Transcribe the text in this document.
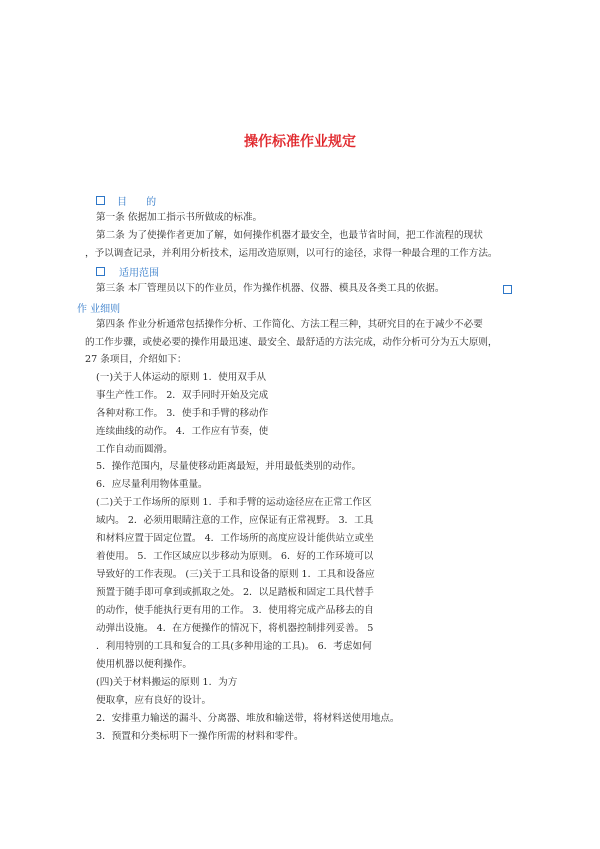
操作标准作业规定
目      的
第一条 依据加工指示书所做成的标准。
第二条 为了使操作者更加了解，如何操作机器才最安全，也最节省时间，把工作流程的现状
，予以调查记录，并利用分析技术，运用改造原则，以可行的途径，求得一种最合理的工作方法。
适用范围
第三条 本厂管理员以下的作业员，作为操作机器、仪器、模具及各类工具的依据。
作 业细则
第四条 作业分析通常包括操作分析、工作简化、方法工程三种，其研究目的在于减少不必要
的工作步骤，或使必要的操作用最迅速、最安全、最舒适的方法完成，动作分析可分为五大原则，
27 条项目，介绍如下：
(一)关于人体运动的原则 1．使用双手从
事生产性工作。 2．双手同时开始及完成
各种对称工作。 3．使手和手臂的移动作
连续曲线的动作。 4．工作应有节奏，使
工作自动而圆滑。
5．操作范围内，尽量使移动距离最短，并用最低类别的动作。
6．应尽量利用物体重量。
(二)关于工作场所的原则 1．手和手臂的运动途径应在正常工作区
域内。 2．必须用眼睛注意的工作，应保证有正常视野。 3．工具
和材料应置于固定位置。 4．工作场所的高度应设计能供站立或坐
着使用。 5．工作区域应以步移动为原则。 6．好的工作环境可以
导致好的工作表现。 (三)关于工具和设备的原则 1．工具和设备应
预置于随手即可拿到或抓取之处。 2．以足踏板和固定工具代替手
的动作，使手能执行更有用的工作。 3．使用将完成产品移去的自
动弹出设施。 4．在方便操作的情况下，将机器控制排列妥善。 5
．利用特别的工具和复合的工具(多种用途的工具)。 6．考虑如何
使用机器以便利操作。
(四)关于材料搬运的原则 1．为方
便取拿，应有良好的设计。
2．安排重力输送的漏斗、分离器、堆放和输送带，将材料送使用地点。
3．预置和分类标明下一操作所需的材料和零件。
